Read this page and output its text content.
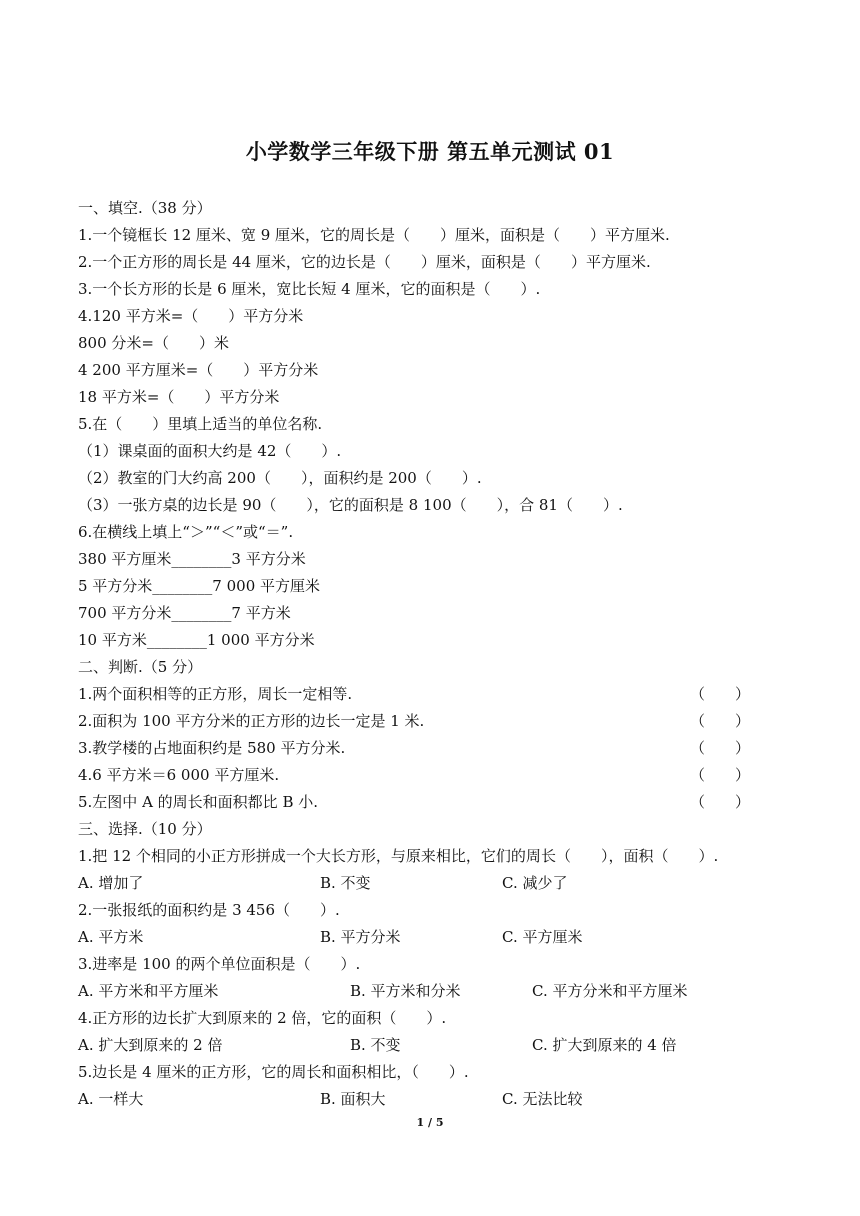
小学数学三年级下册 第五单元测试 01
一、填空.（38 分）
1.一个镜框长 12 厘米、宽 9 厘米，它的周长是（　　）厘米，面积是（　　）平方厘米.
2.一个正方形的周长是 44 厘米，它的边长是（　　）厘米，面积是（　　）平方厘米.
3.一个长方形的长是 6 厘米，宽比长短 4 厘米，它的面积是（　　）.
4.120 平方米=（　　）平方分米
800 分米=（　　）米
4 200 平方厘米=（　　）平方分米
18 平方米=（　　）平方分米
5.在（　　）里填上适当的单位名称.
（1）课桌面的面积大约是 42（　　）.
（2）教室的门大约高 200（　　），面积约是 200（　　）.
（3）一张方桌的边长是 90（　　），它的面积是 8 100（　　），合 81（　　）.
6.在横线上填上“＞”“＜”或“＝”.
380 平方厘米________3 平方分米
5 平方分米________7 000 平方厘米
700 平方分米________7 平方米
10 平方米________1 000 平方分米
二、判断.（5 分）
1.两个面积相等的正方形，周长一定相等.	（　　）
2.面积为 100 平方分米的正方形的边长一定是 1 米.	（　　）
3.教学楼的占地面积约是 580 平方分米.	（　　）
4.6 平方米＝6 000 平方厘米.	（　　）
5.左图中 A 的周长和面积都比 B 小.	（　　）
三、选择.（10 分）
1.把 12 个相同的小正方形拼成一个大长方形，与原来相比，它们的周长（　　），面积（　　）.
A. 增加了	B. 不变	C. 减少了
2.一张报纸的面积约是 3 456（　　）.
A. 平方米	B. 平方分米	C. 平方厘米
3.进率是 100 的两个单位面积是（　　）.
A. 平方米和平方厘米	B. 平方米和分米	C. 平方分米和平方厘米
4.正方形的边长扩大到原来的 2 倍，它的面积（　　）.
A. 扩大到原来的 2 倍	B. 不变	C. 扩大到原来的 4 倍
5.边长是 4 厘米的正方形，它的周长和面积相比，（　　）.
A. 一样大	B. 面积大	C. 无法比较
1 / 5
